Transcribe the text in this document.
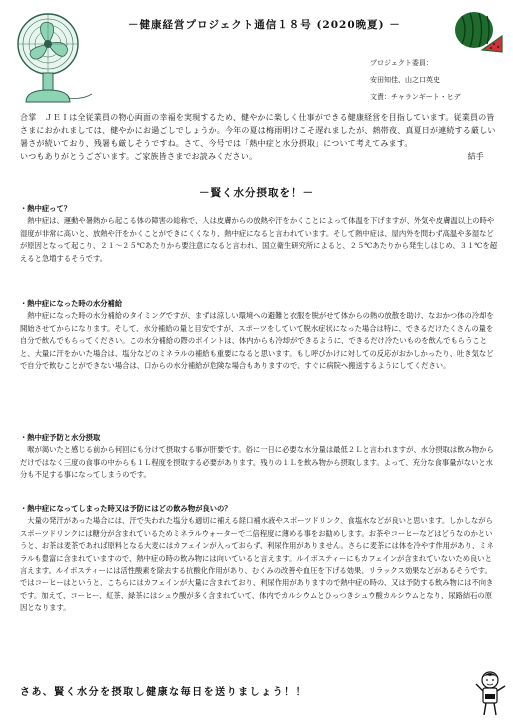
－健康経営プロジェクト通信１８号 (2020晩夏) －
プロジェクト委員：
安田知佳、山之口英史
文責：チャランギート・ヒデ

合掌　ＪＥＩは全従業員の物心両面の幸福を実現するため、健やかに楽しく仕事ができる健康経営を目指しています。従業員の皆さまにおかれましては、健やかにお過ごしでしょうか。今年の夏は梅雨明けこそ遅れましたが、熱帯夜、真夏日が連続する厳しい暑さが続いており、残暑も厳しそうですね。さて、今号では「熱中症と水分摂取」について考えてみます。

いつもありがとうございます。ご家族皆さまでお読みください。	結手

－賢く水分摂取を！－
・熱中症って？

　熱中症は、運動や暑熱から起こる体の障害の総称で、人は皮膚からの放熱や汗をかくことによって体温を下げますが、外気や皮膚温以上の時や湿度が非常に高いと、放熱や汗をかくことができにくくなり、熱中症になると言われています。そして熱中症は、屋内外を問わず高温や多湿などが原因となって起こり、２１～２５℃あたりから要注意になると言われ、国立衛生研究所によると、２５℃あたりから発生しはじめ、３１℃を超えると急増するそうです。

・熱中症になった時の水分補給

　熱中症になった時の水分補給のタイミングですが、まずは涼しい環境への避難と衣服を脱がせて体からの熱の放散を助け、なおかつ体の冷却を開始させてからになります。そして、水分補給の量と目安ですが、スポーツをしていて脱水症状になった場合は特に、できるだけたくさんの量を自分で飲んでもらってください。この水分補給の際のポイントは、体内からも冷却ができるように、できるだけ冷たいものを飲んでもらうことと、大量に汗をかいた場合は、塩分などのミネラルの補給も重要になると思います。もし呼びかけに対しての反応がおかしかったり、吐き気などで自分で飲むことができない場合は、口からの水分補給が危険な場合もありますので、すぐに病院へ搬送するようにしてください。

・熱中症予防と水分摂取

　喉が渇いたと感じる前から何回にも分けて摂取する事が肝要です。俗に一日に必要な水分量は最低２Ｌと言われますが、水分摂取は飲み物からだけではなく三度の食事の中からも１Ｌ程度を摂取する必要があります。残りの１Ｌを飲み物から摂取します。よって、充分な食事量がないと水分も不足する事になってしまうのです。

・熱中症になってしまった時又は予防にはどの飲み物が良いの？

　大量の発汗があった場合には、汗で失われた塩分も適切に補える経口補水液やスポーツドリンク、食塩水などが良いと思います。しかしながらスポーツドリンクには糖分が含まれているためミネラルウォーターで二倍程度に薄める事をお勧めします。お茶やコーヒーなどはどうなのかというと、お茶は麦茶であれば原料となる大麦にはカフェインが入っておらず、利尿作用がありません。さらに麦茶には体を冷やす作用があり、ミネラルも豊富に含まれていますので、熱中症の時の飲み物には向いていると言えます。ルイボスティーにもカフェインが含まれていないため良いと言えます。ルイボスティーには活性酸素を除去する抗酸化作用があり、むくみの改善や血圧を下げる効果、リラックス効果などがあるそうです。ではコーヒーはというと、こちらにはカフェインが大量に含まれており、利尿作用がありますので熱中症の時の、又は予防する飲み物には不向きです。加えて、コーヒー、紅茶、緑茶にはシュウ酸が多く含まれていて、体内でカルシウムとひっつきシュウ酸カルシウムとなり、尿路結石の原因となります。

さあ、賢く水分を摂取し健康な毎日を送りましょう！！
